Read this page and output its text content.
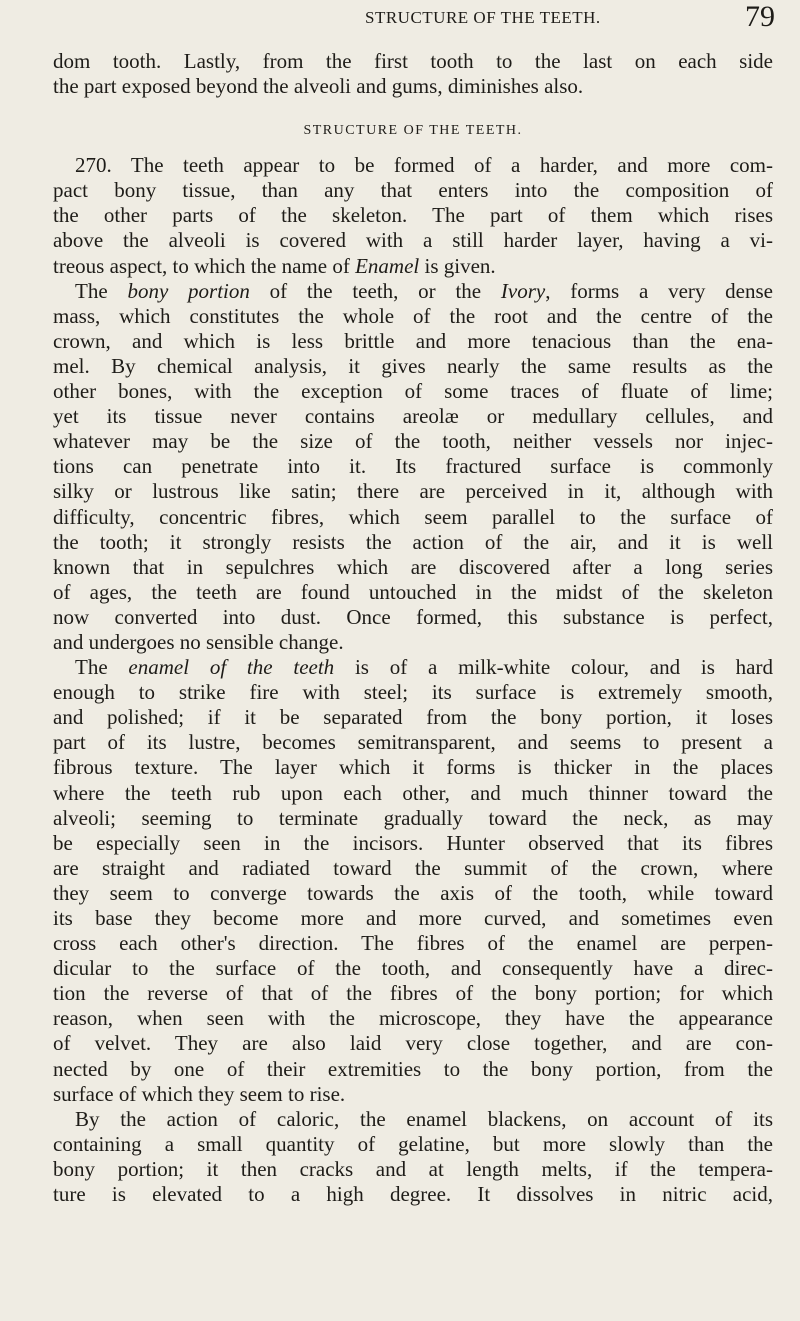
STRUCTURE OF THE TEETH.	79
dom tooth. Lastly, from the first tooth to the last on each side
the part exposed beyond the alveoli and gums, diminishes also.
STRUCTURE OF THE TEETH.
270. The teeth appear to be formed of a harder, and more com-
pact bony tissue, than any that enters into the composition of
the other parts of the skeleton. The part of them which rises
above the alveoli is covered with a still harder layer, having a vi-
treous aspect, to which the name of Enamel is given.
The bony portion of the teeth, or the Ivory, forms a very dense
mass, which constitutes the whole of the root and the centre of the
crown, and which is less brittle and more tenacious than the ena-
mel. By chemical analysis, it gives nearly the same results as the
other bones, with the exception of some traces of fluate of lime;
yet its tissue never contains areolæ or medullary cellules, and
whatever may be the size of the tooth, neither vessels nor injec-
tions can penetrate into it. Its fractured surface is commonly
silky or lustrous like satin; there are perceived in it, although with
difficulty, concentric fibres, which seem parallel to the surface of
the tooth; it strongly resists the action of the air, and it is well
known that in sepulchres which are discovered after a long series
of ages, the teeth are found untouched in the midst of the skeleton
now converted into dust. Once formed, this substance is perfect,
and undergoes no sensible change.
The enamel of the teeth is of a milk-white colour, and is hard
enough to strike fire with steel; its surface is extremely smooth,
and polished; if it be separated from the bony portion, it loses
part of its lustre, becomes semitransparent, and seems to present a
fibrous texture. The layer which it forms is thicker in the places
where the teeth rub upon each other, and much thinner toward the
alveoli; seeming to terminate gradually toward the neck, as may
be especially seen in the incisors. Hunter observed that its fibres
are straight and radiated toward the summit of the crown, where
they seem to converge towards the axis of the tooth, while toward
its base they become more and more curved, and sometimes even
cross each other's direction. The fibres of the enamel are perpen-
dicular to the surface of the tooth, and consequently have a direc-
tion the reverse of that of the fibres of the bony portion; for which
reason, when seen with the microscope, they have the appearance
of velvet. They are also laid very close together, and are con-
nected by one of their extremities to the bony portion, from the
surface of which they seem to rise.
By the action of caloric, the enamel blackens, on account of its
containing a small quantity of gelatine, but more slowly than the
bony portion; it then cracks and at length melts, if the tempera-
ture is elevated to a high degree. It dissolves in nitric acid,
